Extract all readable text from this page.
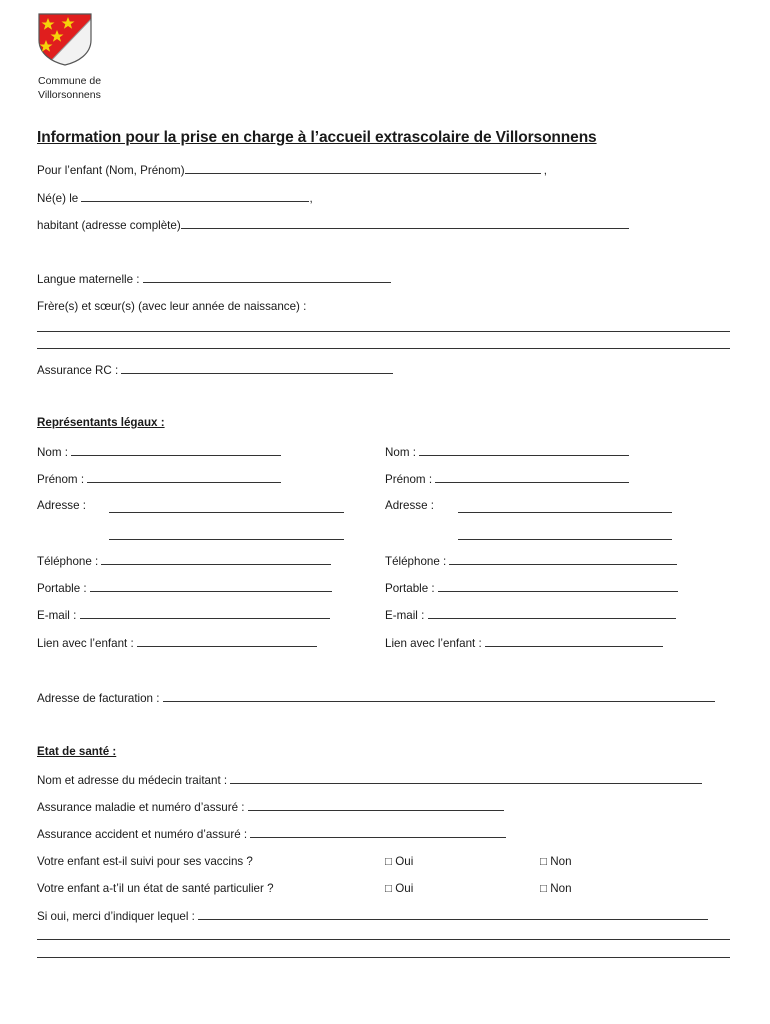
Commune de
Villorsonnens
Information pour la prise en charge à l’accueil extrascolaire de Villorsonnens
Pour l’enfant (Nom, Prénom)	,
Né(e) le	,
habitant (adresse complète)
Langue maternelle :
Frère(s) et sœur(s) (avec leur année de naissance) :
Assurance RC :
Représentants légaux :
Nom :
Prénom :
Adresse :
Téléphone :
Portable :
E-mail :
Lien avec l’enfant :
Nom :
Prénom :
Adresse :
Téléphone :
Portable :
E-mail :
Lien avec l’enfant :
Adresse de facturation :
Etat de santé :
Nom et adresse du médecin traitant :
Assurance maladie et numéro d’assuré :
Assurance accident et numéro d’assuré :
Votre enfant est-il suivi pour ses vaccins ?	□ Oui	□ Non
Votre enfant a-t’il un état de santé particulier ?	□ Oui	□ Non
Si oui, merci d’indiquer lequel :
